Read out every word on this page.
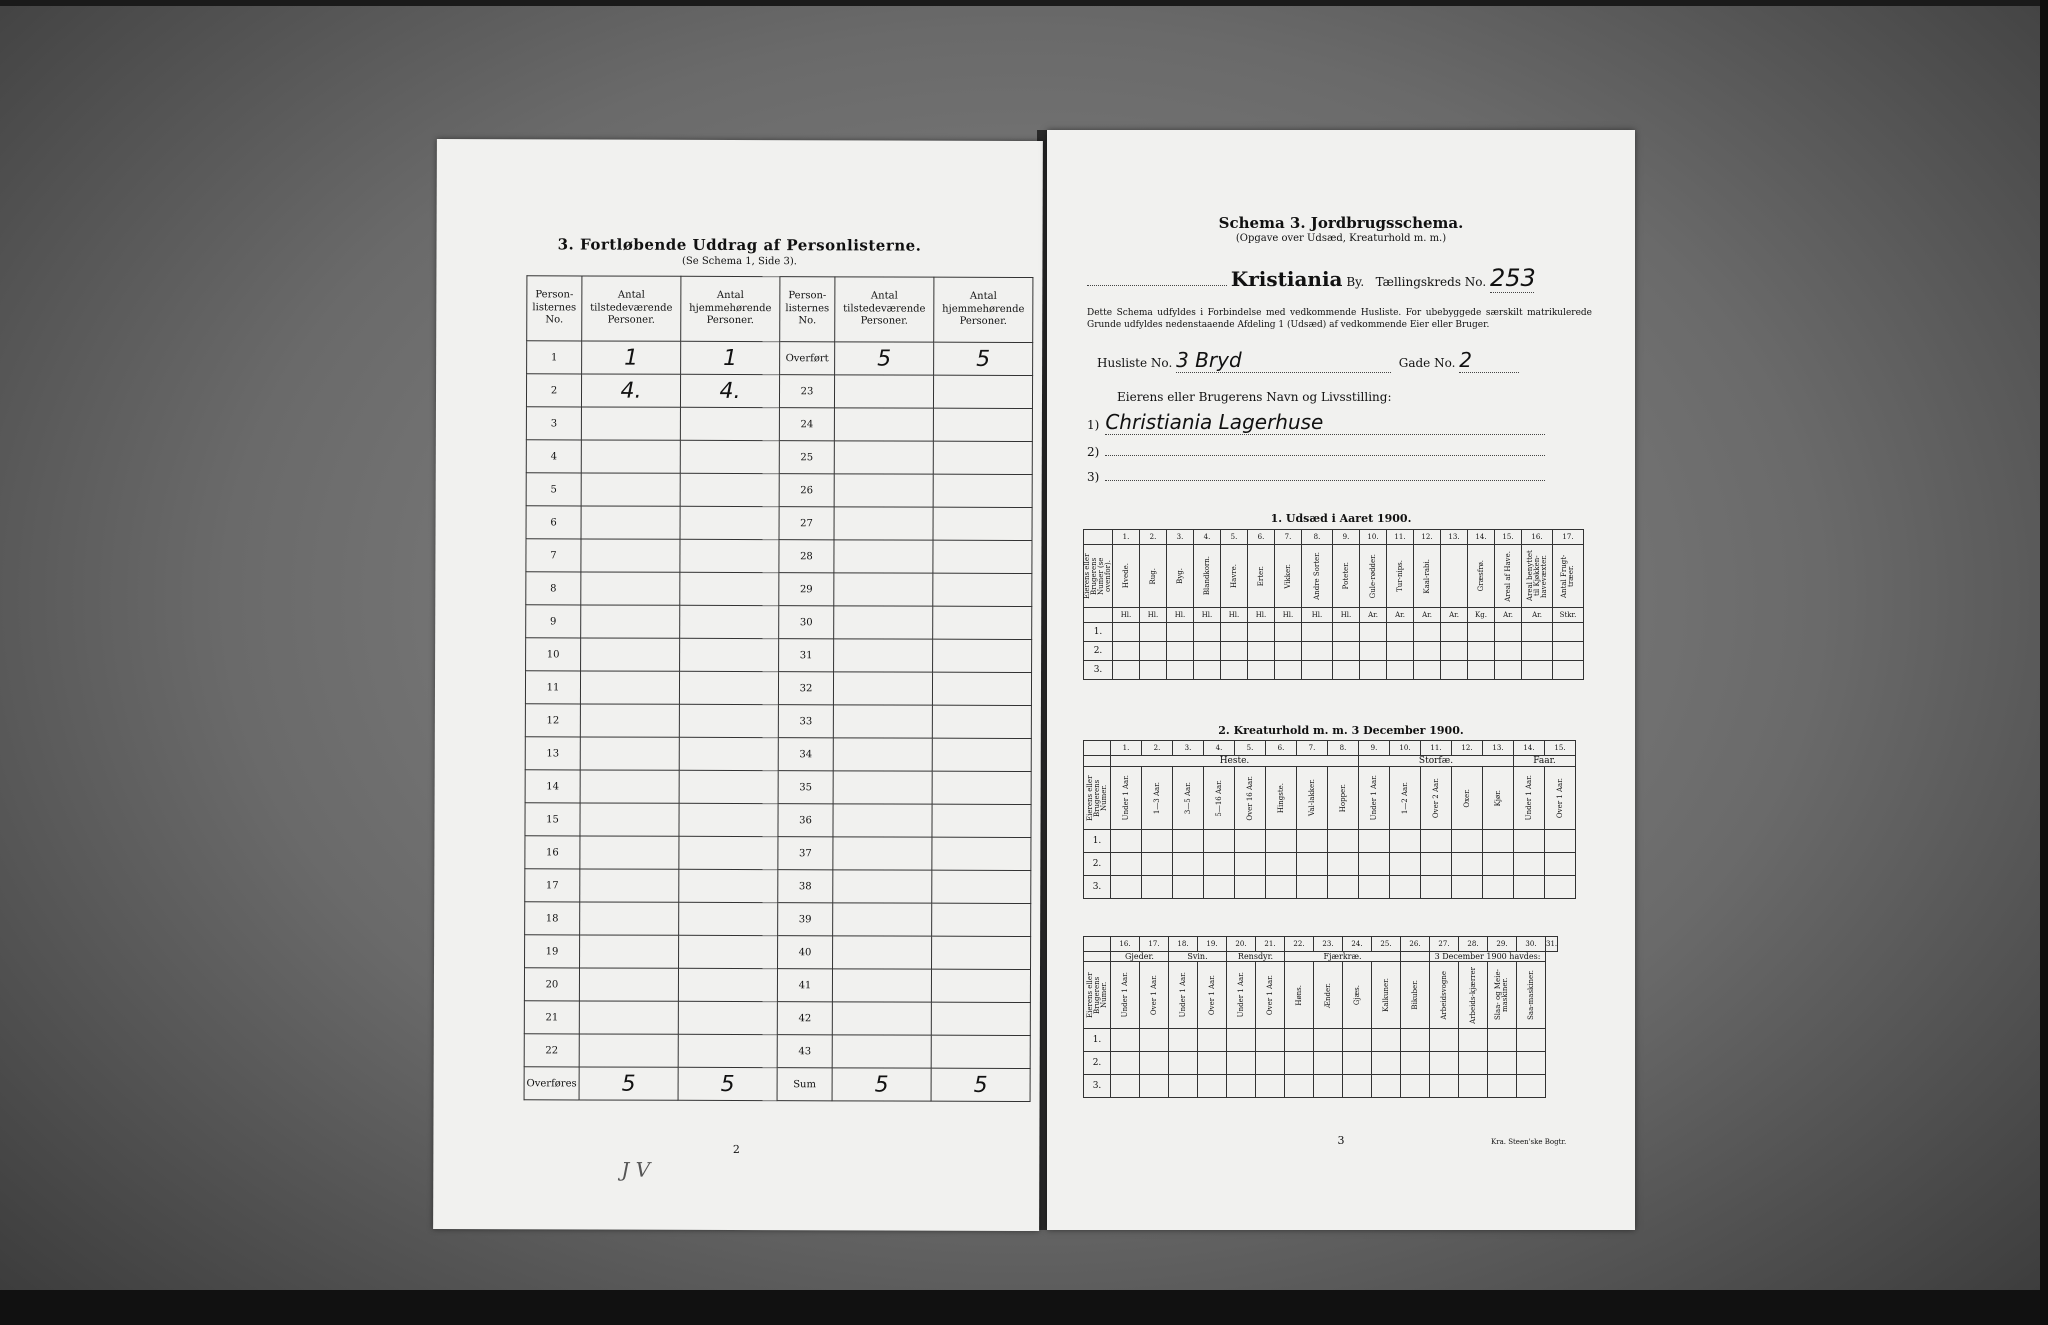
3. Fortløbende Uddrag af Personlisterne.
(Se Schema 1, Side 3).
Person-
listernes
No.	Antal
tilstedeværende
Personer.	Antal
hjemmehørende
Personer.	Person-
listernes
No.	Antal
tilstedeværende
Personer.	Antal
hjemmehørende
Personer.
1	1	1	Overført	5	5
2	4.	4.	23		
3			24		
4			25		
5			26		
6			27		
7			28		
8			29		
9			30		
10			31		
11			32		
12			33		
13			34		
14			35		
15			36		
16			37		
17			38		
18			39		
19			40		
20			41		
21			42		
22			43		
Overføres	5	5	Sum	5	5
2
J V
Schema 3. Jordbrugsschema.
(Opgave over Udsæd, Kreaturhold m. m.)
Kristiania By. Tællingskreds No. 253
Dette Schema udfyldes i Forbindelse med vedkommende Husliste. For ubebyggede særskilt matrikulerede Grunde udfyldes nedenstaaende Afdeling 1 (Udsæd) af vedkommende Eier eller Bruger.
Husliste No. 3 Bryd	Gade No. 2
Eierens eller Brugerens Navn og Livsstilling:
1) Christiania Lagerhuse
2)
3)
1. Udsæd i Aaret 1900.
	1.	2.	3.	4.	5.	6.	7.	8.	9.	10.	11.	12.	13.	14.	15.	16.	17.

Eierens eller Brugerens Numer (se ovenfor).	Hvede.	Rug.	Byg.	Blandkorn.	Havre.	Erter.	Vikker.	Andre Sorter.	Poteter.	Gule-rødder.	Tur-nips.	Kaal-rabi.		Græsfrø.	Areal af Have.	Areal benyttet til Kjøkken-havevæxter.	Antal Frugt-træer.

	Hl.	Hl.	Hl.	Hl.	Hl.	Hl.	Hl.	Hl.	Hl.	Ar.	Ar.	Ar.	Ar.	Kg.	Ar.	Ar.	Stkr.
1.																	
2.																	
3.																	
2. Kreaturhold m. m. 3 December 1900.
	1.	2.	3.	4.	5.	6.	7.	8.	9.	10.	11.	12.	13.	14.	15.
	Heste.								Storfæ.					Faar.	

Eierens eller Brugerens Numer.	Under 1 Aar.	1—3 Aar.	3—5 Aar.	5—16 Aar.	Over 16 Aar.	Hingste.	Val-lakker.	Hopper.	Under 1 Aar.	1—2 Aar.	Over 2 Aar.	Oxer.	Kjør.	Under 1 Aar.	Over 1 Aar.

1.															
2.															
3.															
	16.	17.	18.	19.	20.	21.	22.	23.	24.	25.	26.	27.	28.	29.	30.	31.
	Gjeder.		Svin.		Rensdyr.		Fjærkræ.					3 December 1900 havdes:				

Eierens eller Brugerens Numer.	Under 1 Aar.	Over 1 Aar.	Under 1 Aar.	Over 1 Aar.	Under 1 Aar.	Over 1 Aar.	Høns.	Ænder.	Gjæs.	Kalkuner.	Bikuber.	Arbeidsvogne	Arbeids-kjærrer	Slaa- og Meie-maskiner.	Saa-maskiner.	

1.																
2.																
3.																
3	Kra. Steen'ske Bogtr.
